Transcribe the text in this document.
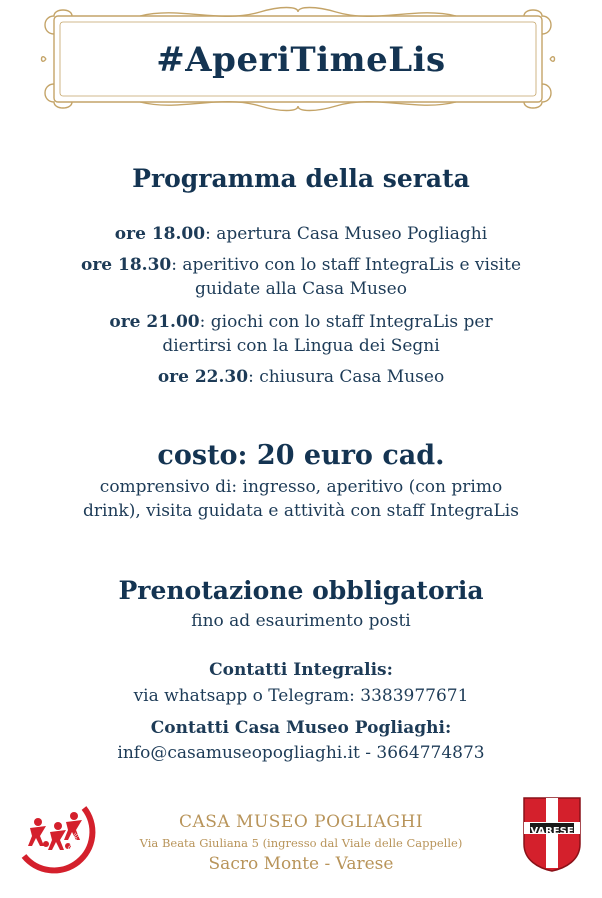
#AperiTimeLis
Programma della serata
ore 18.00: apertura Casa Museo Pogliaghi
ore 18.30: aperitivo con lo staff IntegraLis e visite
guidate alla Casa Museo
ore 21.00: giochi con lo staff IntegraLis per
diertirsi con la Lingua dei Segni
ore 22.30: chiusura Casa Museo
costo: 20 euro cad.
comprensivo di: ingresso, aperitivo (con primo
drink), visita guidata e attività con staff IntegraLis
Prenotazione obbligatoria
fino ad esaurimento posti
Contatti Integralis:
via whatsapp o Telegram: 3383977671
Contatti Casa Museo Pogliaghi:
info@casamuseopogliaghi.it - 3664774873
integraLIS
CASA MUSEO POGLIAGHI
Via Beata Giuliana 5 (ingresso dal Viale delle Cappelle)
Sacro Monte - Varese
VARESE
